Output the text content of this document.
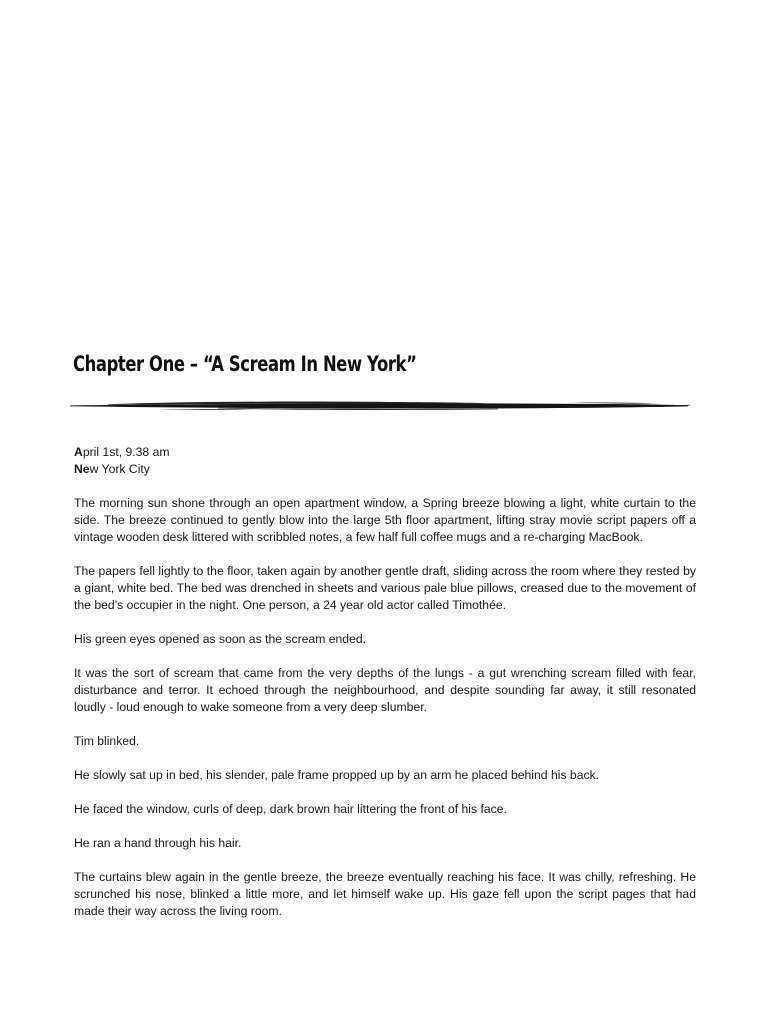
Chapter One – “A Scream In New York”

April 1st, 9.38 am

New York City

The morning sun shone through an open apartment window, a Spring breeze blowing a light, white curtain to the side. The breeze continued to gently blow into the large 5th floor apartment, lifting stray movie script papers off a vintage wooden desk littered with scribbled notes, a few half full coffee mugs and a re-charging MacBook.

The papers fell lightly to the floor, taken again by another gentle draft, sliding across the room where they rested by a giant, white bed. The bed was drenched in sheets and various pale blue pillows, creased due to the movement of the bed’s occupier in the night. One person, a 24 year old actor called Timothée.

His green eyes opened as soon as the scream ended.

It was the sort of scream that came from the very depths of the lungs - a gut wrenching scream filled with fear, disturbance and terror. It echoed through the neighbourhood, and despite sounding far away, it still resonated loudly - loud enough to wake someone from a very deep slumber.

Tim blinked.

He slowly sat up in bed, his slender, pale frame propped up by an arm he placed behind his back.

He faced the window, curls of deep, dark brown hair littering the front of his face.

He ran a hand through his hair.

The curtains blew again in the gentle breeze, the breeze eventually reaching his face. It was chilly, refreshing. He scrunched his nose, blinked a little more, and let himself wake up. His gaze fell upon the script pages that had made their way across the living room.
